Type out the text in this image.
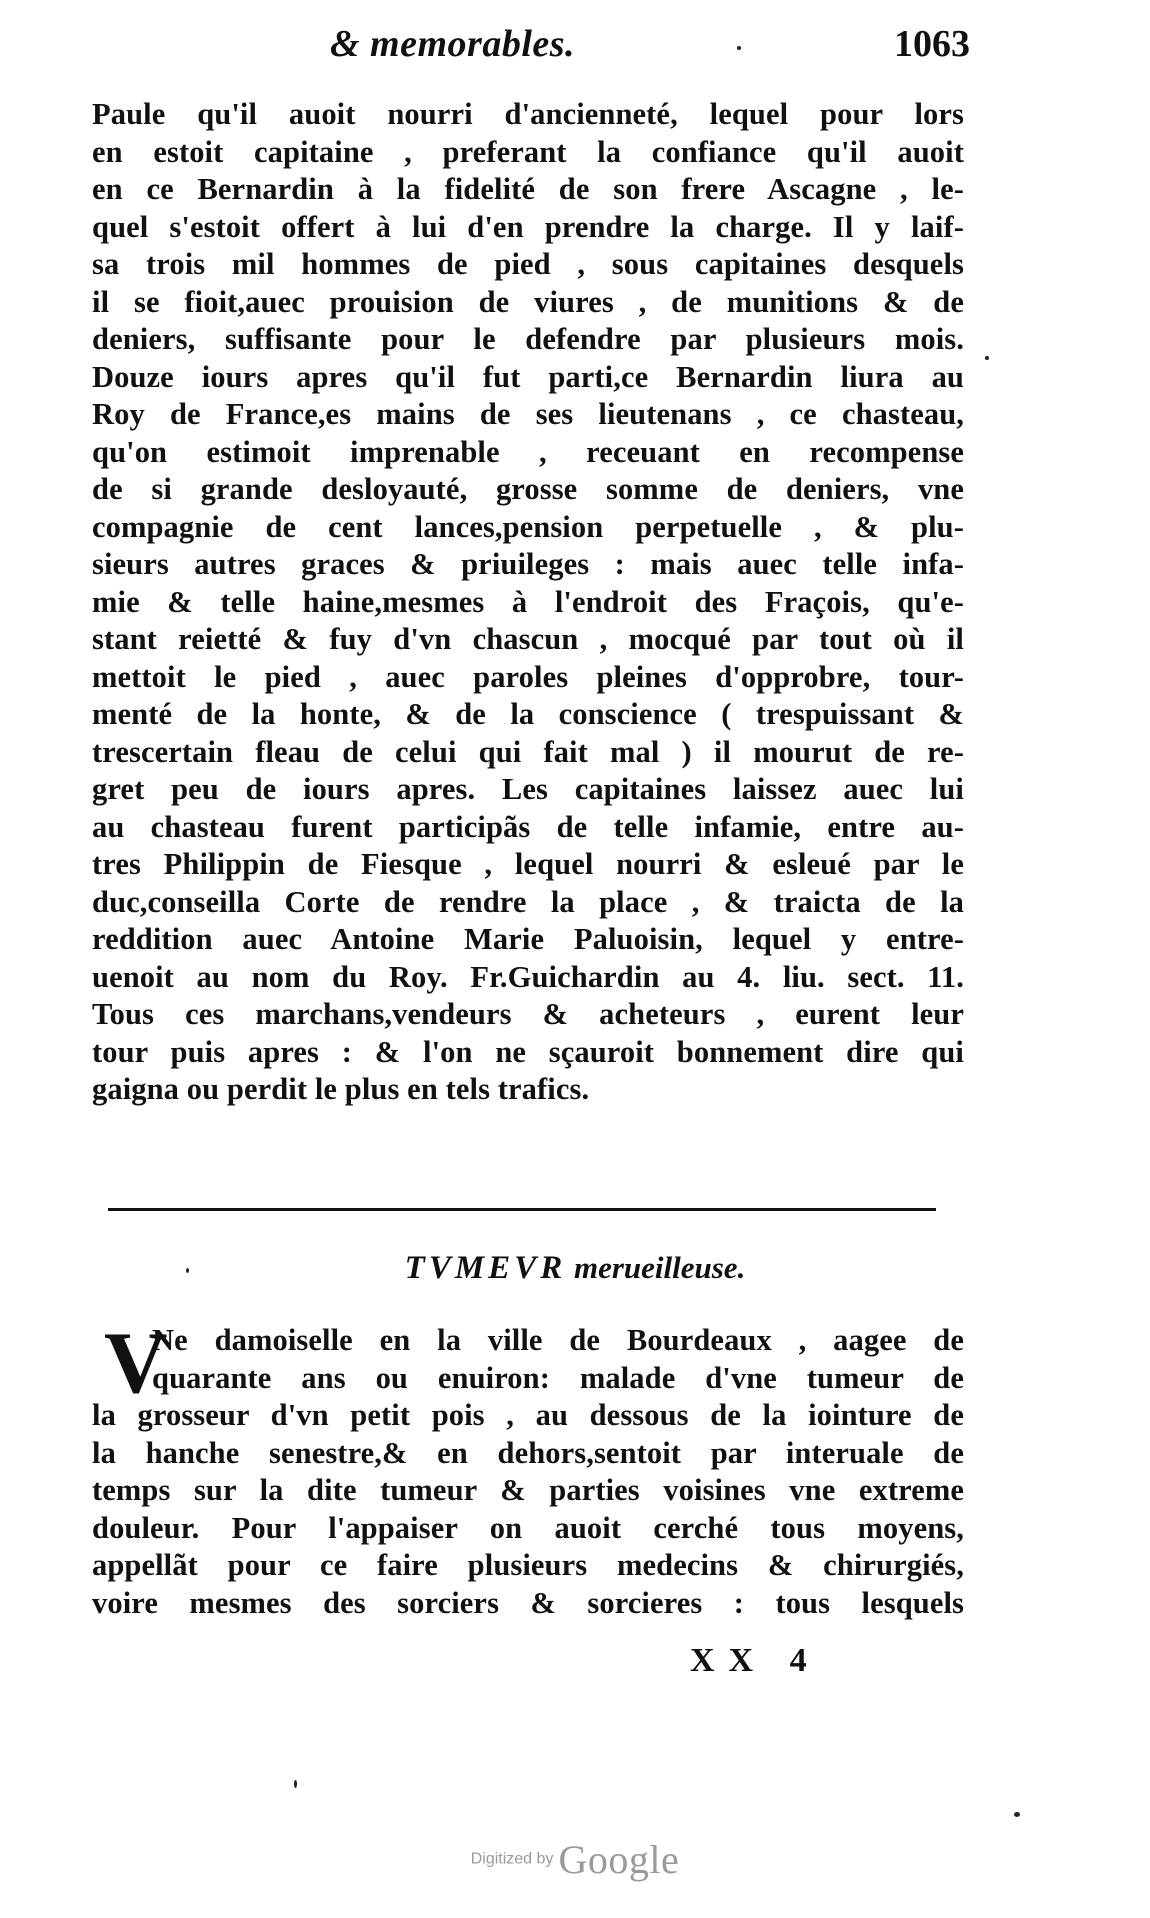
& memorables.	1063
Paule qu'il auoit nourri d'ancienneté, lequel pour lors
en estoit capitaine , preferant la confiance qu'il auoit
en ce Bernardin à la fidelité de son frere Ascagne , le-
quel s'estoit offert à lui d'en prendre la charge. Il y laif-
sa trois mil hommes de pied , sous capitaines desquels
il se fioit,auec prouision de viures , de munitions & de
deniers, suffisante pour le defendre par plusieurs mois.
Douze iours apres qu'il fut parti,ce Bernardin liura au
Roy de France,es mains de ses lieutenans , ce chasteau,
qu'on estimoit imprenable , receuant en recompense
de si grande desloyauté, grosse somme de deniers, vne
compagnie de cent lances,pension perpetuelle , & plu-
sieurs autres graces & priuileges : mais auec telle infa-
mie & telle haine,mesmes à l'endroit des Fraçois, qu'e-
stant reietté & fuy d'vn chascun , mocqué par tout où il
mettoit le pied , auec paroles pleines d'opprobre, tour-
menté de la honte, & de la conscience ( trespuissant &
trescertain fleau de celui qui fait mal ) il mourut de re-
gret peu de iours apres. Les capitaines laissez auec lui
au chasteau furent participãs de telle infamie, entre au-
tres Philippin de Fiesque , lequel nourri & esleué par le
duc,conseilla Corte de rendre la place , & traicta de la
reddition auec Antoine Marie Paluoisin, lequel y entre-
uenoit au nom du Roy. Fr.Guichardin au 4. liu. sect. 11.
Tous ces marchans,vendeurs & acheteurs , eurent leur
tour puis apres : & l'on ne sçauroit bonnement dire qui
gaigna ou perdit le plus en tels trafics.
TVMEVR merueilleuse.
V
Ne damoiselle en la ville de Bourdeaux , aagee de
quarante ans ou enuiron: malade d'vne tumeur de
la grosseur d'vn petit pois , au dessous de la iointure de
la hanche senestre,& en dehors,sentoit par interuale de
temps sur la dite tumeur & parties voisines vne extreme
douleur. Pour l'appaiser on auoit cerché tous moyens,
appellãt pour ce faire plusieurs medecins & chirurgiés,
voire mesmes des sorciers & sorcieres : tous lesquels
XX 4
Digitized by Google
